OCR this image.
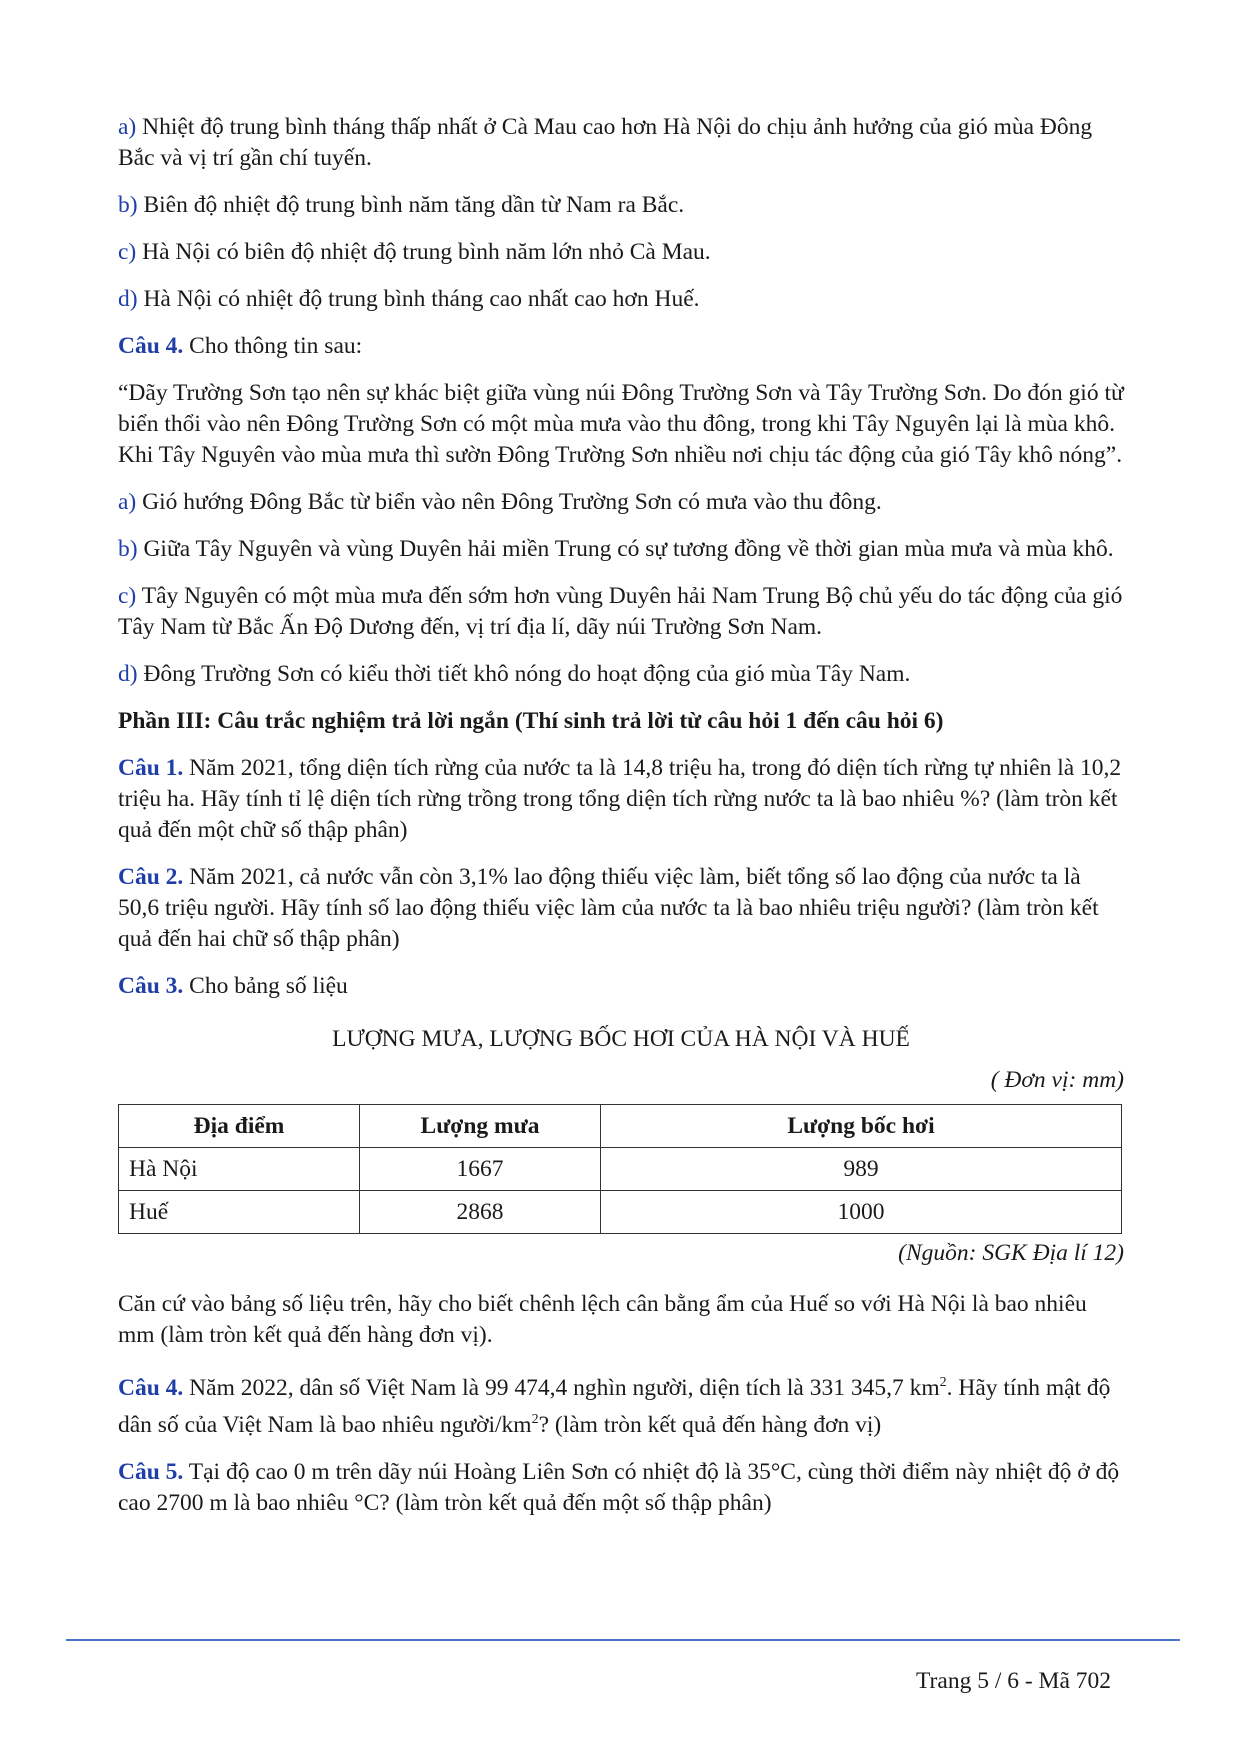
a) Nhiệt độ trung bình tháng thấp nhất ở Cà Mau cao hơn Hà Nội do chịu ảnh hưởng của gió mùa Đông Bắc và vị trí gần chí tuyến.

b) Biên độ nhiệt độ trung bình năm tăng dần từ Nam ra Bắc.

c) Hà Nội có biên độ nhiệt độ trung bình năm lớn nhỏ Cà Mau.

d) Hà Nội có nhiệt độ trung bình tháng cao nhất cao hơn Huế.

Câu 4. Cho thông tin sau:

“Dãy Trường Sơn tạo nên sự khác biệt giữa vùng núi Đông Trường Sơn và Tây Trường Sơn. Do đón gió từ biển thổi vào nên Đông Trường Sơn có một mùa mưa vào thu đông, trong khi Tây Nguyên lại là mùa khô. Khi Tây Nguyên vào mùa mưa thì sườn Đông Trường Sơn nhiều nơi chịu tác động của gió Tây khô nóng”.

a) Gió hướng Đông Bắc từ biển vào nên Đông Trường Sơn có mưa vào thu đông.

b) Giữa Tây Nguyên và vùng Duyên hải miền Trung có sự tương đồng về thời gian mùa mưa và mùa khô.

c) Tây Nguyên có một mùa mưa đến sớm hơn vùng Duyên hải Nam Trung Bộ chủ yếu do tác động của gió Tây Nam từ Bắc Ấn Độ Dương đến, vị trí địa lí, dãy núi Trường Sơn Nam.

d) Đông Trường Sơn có kiểu thời tiết khô nóng do hoạt động của gió mùa Tây Nam.

Phần III: Câu trắc nghiệm trả lời ngắn (Thí sinh trả lời từ câu hỏi 1 đến câu hỏi 6)

Câu 1. Năm 2021, tổng diện tích rừng của nước ta là 14,8 triệu ha, trong đó diện tích rừng tự nhiên là 10,2 triệu ha. Hãy tính tỉ lệ diện tích rừng trồng trong tổng diện tích rừng nước ta là bao nhiêu %? (làm tròn kết quả đến một chữ số thập phân)

Câu 2. Năm 2021, cả nước vẫn còn 3,1% lao động thiếu việc làm, biết tổng số lao động của nước ta là 50,6 triệu người. Hãy tính số lao động thiếu việc làm của nước ta là bao nhiêu triệu người? (làm tròn kết quả đến hai chữ số thập phân)

Câu 3. Cho bảng số liệu

LƯỢNG MƯA, LƯỢNG BỐC HƠI CỦA HÀ NỘI VÀ HUẾ

( Đơn vị: mm)

Địa điểm	Lượng mưa	Lượng bốc hơi
Hà Nội	1667	989
Huế	2868	1000

(Nguồn: SGK Địa lí 12)

Căn cứ vào bảng số liệu trên, hãy cho biết chênh lệch cân bằng ẩm của Huế so với Hà Nội là bao nhiêu mm (làm tròn kết quả đến hàng đơn vị).

Câu 4. Năm 2022, dân số Việt Nam là 99 474,4 nghìn người, diện tích là 331 345,7 $km^2$. Hãy tính mật độ dân số của Việt Nam là bao nhiêu người/$km^2$? (làm tròn kết quả đến hàng đơn vị)

Câu 5. Tại độ cao 0 m trên dãy núi Hoàng Liên Sơn có nhiệt độ là 35°C, cùng thời điểm này nhiệt độ ở độ cao 2700 m là bao nhiêu °C? (làm tròn kết quả đến một số thập phân)

Trang 5 / 6 - Mã 702
